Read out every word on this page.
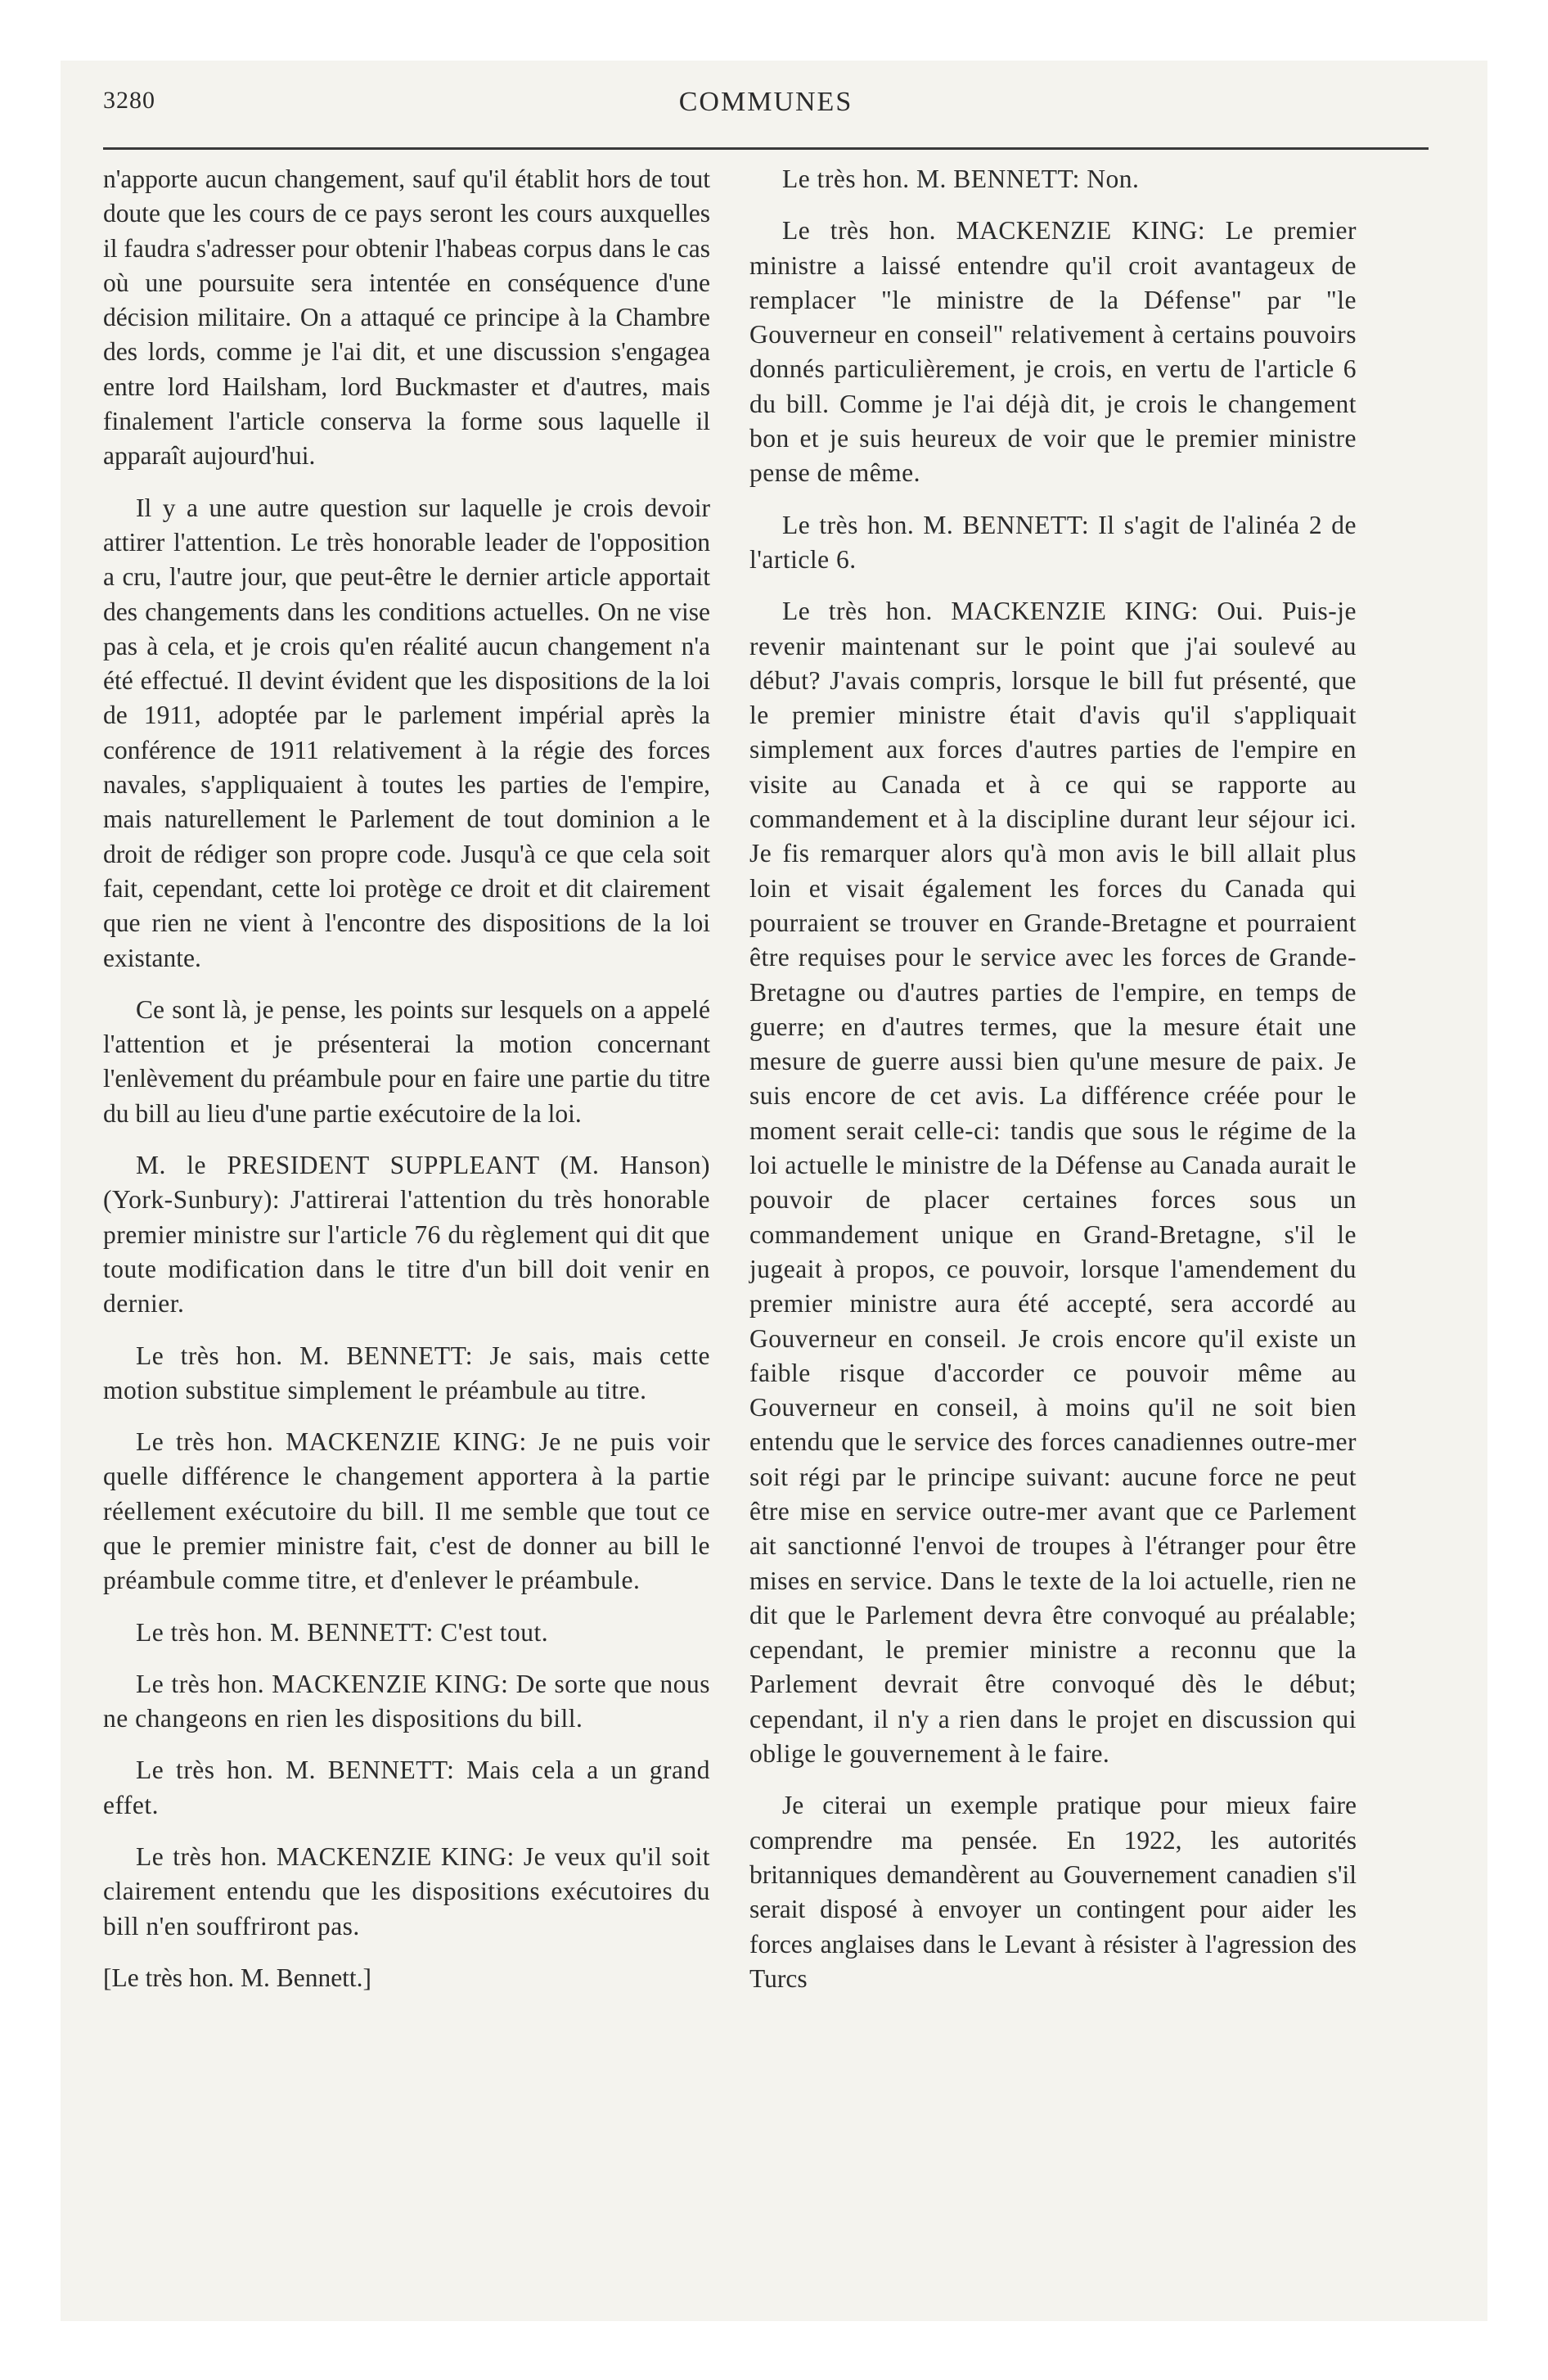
3280	COMMUNES

n'apporte aucun changement, sauf qu'il établit hors de tout doute que les cours de ce pays seront les cours auxquelles il faudra s'adresser pour obtenir l'habeas corpus dans le cas où une poursuite sera intentée en conséquence d'une décision militaire. On a attaqué ce principe à la Chambre des lords, comme je l'ai dit, et une discussion s'engagea entre lord Hailsham, lord Buckmaster et d'autres, mais finalement l'article conserva la forme sous laquelle il apparaît aujourd'hui.

Il y a une autre question sur laquelle je crois devoir attirer l'attention. Le très honorable leader de l'opposition a cru, l'autre jour, que peut-être le dernier article apportait des changements dans les conditions actuelles. On ne vise pas à cela, et je crois qu'en réalité aucun changement n'a été effectué. Il devint évident que les dispositions de la loi de 1911, adoptée par le parlement impérial après la conférence de 1911 relativement à la régie des forces navales, s'appliquaient à toutes les parties de l'empire, mais naturellement le Parlement de tout dominion a le droit de rédiger son propre code. Jusqu'à ce que cela soit fait, cependant, cette loi protège ce droit et dit clairement que rien ne vient à l'encontre des dispositions de la loi existante.

Ce sont là, je pense, les points sur lesquels on a appelé l'attention et je présenterai la motion concernant l'enlèvement du préambule pour en faire une partie du titre du bill au lieu d'une partie exécutoire de la loi.

M. le PRESIDENT SUPPLEANT (M. Hanson) (York-Sunbury): J'attirerai l'attention du très honorable premier ministre sur l'article 76 du règlement qui dit que toute modification dans le titre d'un bill doit venir en dernier.

Le très hon. M. BENNETT: Je sais, mais cette motion substitue simplement le préambule au titre.

Le très hon. MACKENZIE KING: Je ne puis voir quelle différence le changement apportera à la partie réellement exécutoire du bill. Il me semble que tout ce que le premier ministre fait, c'est de donner au bill le préambule comme titre, et d'enlever le préambule.

Le très hon. M. BENNETT: C'est tout.

Le très hon. MACKENZIE KING: De sorte que nous ne changeons en rien les dispositions du bill.

Le très hon. M. BENNETT: Mais cela a un grand effet.

Le très hon. MACKENZIE KING: Je veux qu'il soit clairement entendu que les dispositions exécutoires du bill n'en souffriront pas.

[Le très hon. M. Bennett.]

Le très hon. M. BENNETT: Non.

Le très hon. MACKENZIE KING: Le premier ministre a laissé entendre qu'il croit avantageux de remplacer "le ministre de la Défense" par "le Gouverneur en conseil" relativement à certains pouvoirs donnés particulièrement, je crois, en vertu de l'article 6 du bill. Comme je l'ai déjà dit, je crois le changement bon et je suis heureux de voir que le premier ministre pense de même.

Le très hon. M. BENNETT: Il s'agit de l'alinéa 2 de l'article 6.

Le très hon. MACKENZIE KING: Oui. Puis-je revenir maintenant sur le point que j'ai soulevé au début? J'avais compris, lorsque le bill fut présenté, que le premier ministre était d'avis qu'il s'appliquait simplement aux forces d'autres parties de l'empire en visite au Canada et à ce qui se rapporte au commandement et à la discipline durant leur séjour ici. Je fis remarquer alors qu'à mon avis le bill allait plus loin et visait également les forces du Canada qui pourraient se trouver en Grande-Bretagne et pourraient être requises pour le service avec les forces de Grande-Bretagne ou d'autres parties de l'empire, en temps de guerre; en d'autres termes, que la mesure était une mesure de guerre aussi bien qu'une mesure de paix. Je suis encore de cet avis. La différence créée pour le moment serait celle-ci: tandis que sous le régime de la loi actuelle le ministre de la Défense au Canada aurait le pouvoir de placer certaines forces sous un commandement unique en Grand-Bretagne, s'il le jugeait à propos, ce pouvoir, lorsque l'amendement du premier ministre aura été accepté, sera accordé au Gouverneur en conseil. Je crois encore qu'il existe un faible risque d'accorder ce pouvoir même au Gouverneur en conseil, à moins qu'il ne soit bien entendu que le service des forces canadiennes outre-mer soit régi par le principe suivant: aucune force ne peut être mise en service outre-mer avant que ce Parlement ait sanctionné l'envoi de troupes à l'étranger pour être mises en service. Dans le texte de la loi actuelle, rien ne dit que le Parlement devra être convoqué au préalable; cependant, le premier ministre a reconnu que la Parlement devrait être convoqué dès le début; cependant, il n'y a rien dans le projet en discussion qui oblige le gouvernement à le faire.

Je citerai un exemple pratique pour mieux faire comprendre ma pensée. En 1922, les autorités britanniques demandèrent au Gouvernement canadien s'il serait disposé à envoyer un contingent pour aider les forces anglaises dans le Levant à résister à l'agression des Turcs
